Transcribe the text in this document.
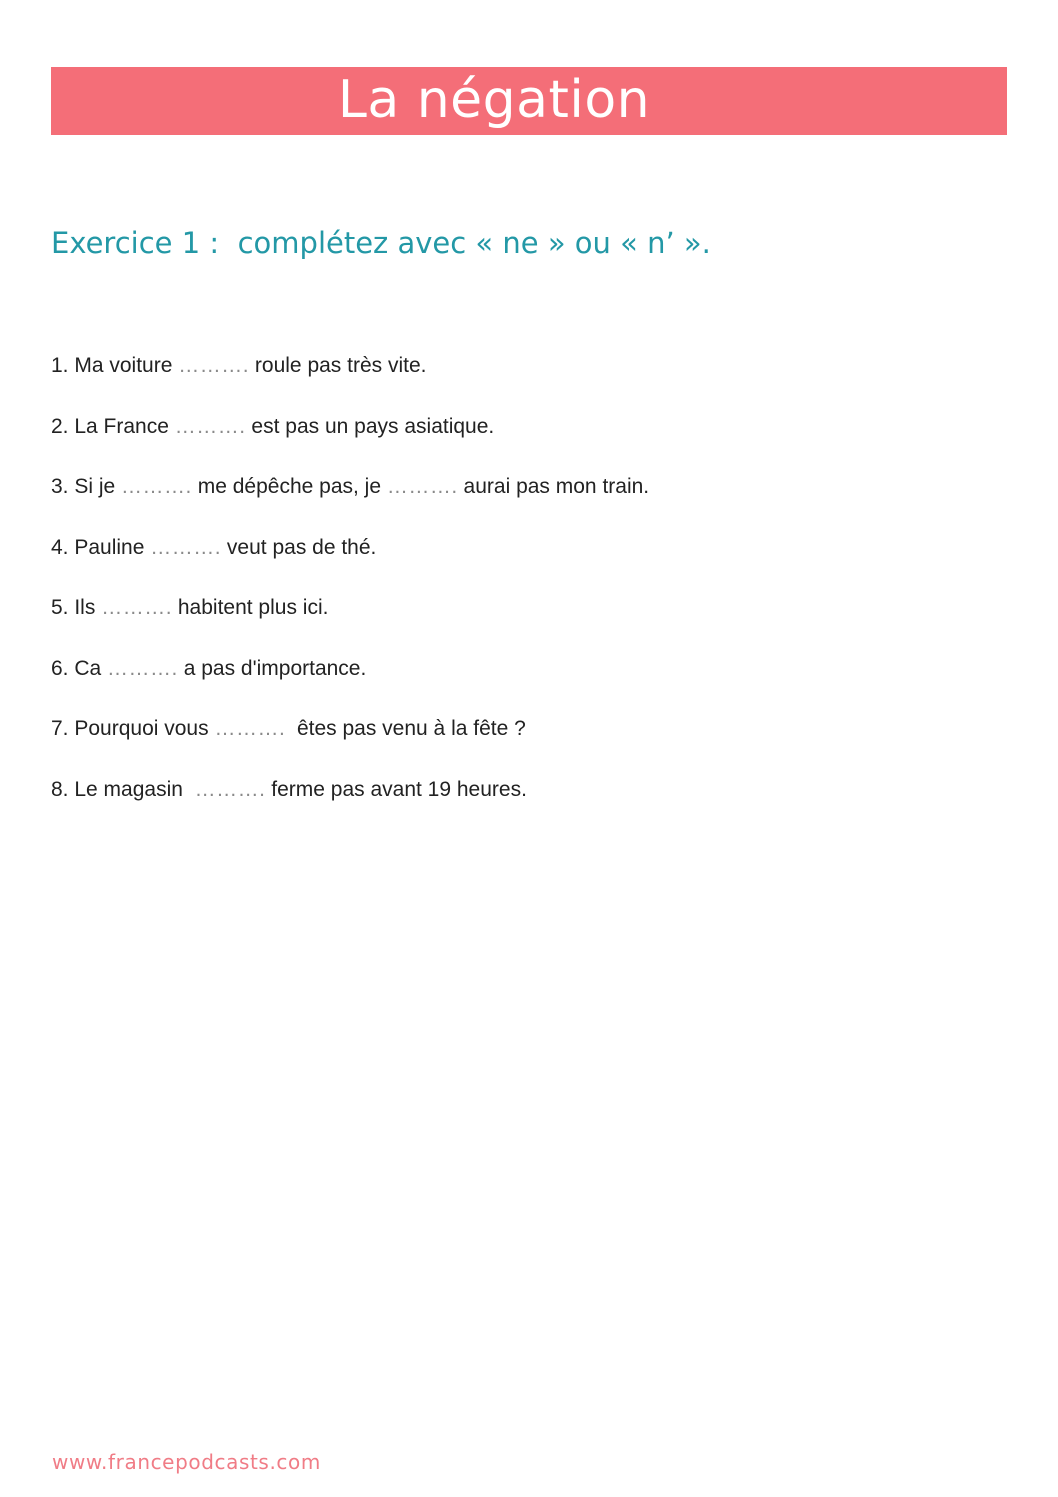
La négation
Exercice 1 :  complétez avec « ne » ou « n’ ».
1. Ma voiture ………. roule pas très vite.
2. La France ………. est pas un pays asiatique.
3. Si je ………. me dépêche pas, je ………. aurai pas mon train.
4. Pauline ………. veut pas de thé.
5. Ils ………. habitent plus ici.
6. Ca ………. a pas d'importance.
7. Pourquoi vous ……….  êtes pas venu à la fête ?
8. Le magasin  ………. ferme pas avant 19 heures.
www.francepodcasts.com
